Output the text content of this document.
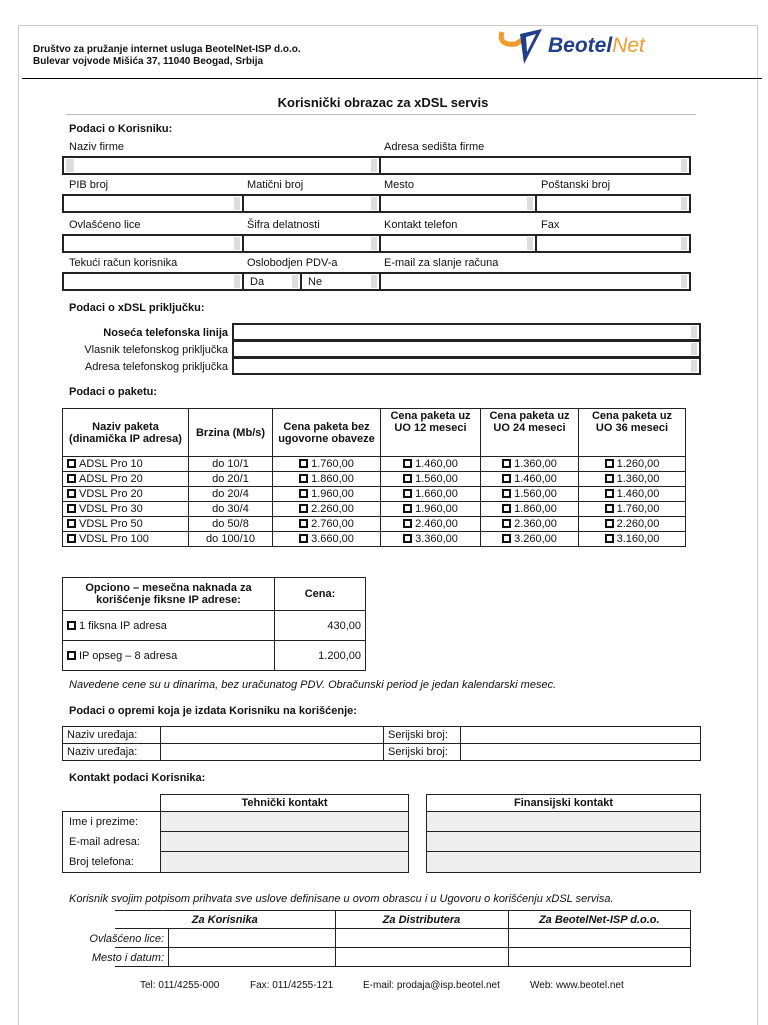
Društvo za pružanje internet usluga BeotelNet-ISP d.o.o.
Bulevar vojvode Mišića 37, 11040 Beogad, Srbija
Beotel Net
Korisnički obrazac za xDSL servis
Podaci o Korisniku:
Naziv firme	Adresa sedišta firme
PIB broj	Matični broj	Mesto	Poštanski broj
Ovlašćeno lice	Šifra delatnosti	Kontakt telefon	Fax
Tekući račun korisnika	Oslobodjen PDV-a	E-mail za slanje računa
Da	Ne
Podaci o xDSL priključku:
Noseća telefonska linija
Vlasnik telefonskog priključka
Adresa telefonskog priključka
Podaci o paketu:
Naziv paketa (dinamička IP adresa)	Brzina (Mb/s)	Cena paketa bez ugovorne obaveze	Cena paketa uz UO 12 meseci	Cena paketa uz UO 24 meseci	Cena paketa uz UO 36 meseci
ADSL Pro 10	do 10/1	1.760,00	1.460,00	1.360,00	1.260,00
ADSL Pro 20	do 20/1	1.860,00	1.560,00	1.460,00	1.360,00
VDSL Pro 20	do 20/4	1.960,00	1.660,00	1.560,00	1.460,00
VDSL Pro 30	do 30/4	2.260,00	1.960,00	1.860,00	1.760,00
VDSL Pro 50	do 50/8	2.760,00	2.460,00	2.360,00	2.260,00
VDSL Pro 100	do 100/10	3.660,00	3.360,00	3.260,00	3.160,00
Opciono – mesečna naknada za korišćenje fiksne IP adrese:	Cena:
1 fiksna IP adresa	430,00
IP opseg – 8 adresa	1.200,00
Navedene cene su u dinarima, bez uračunatog PDV. Obračunski period je jedan kalendarski mesec.
Podaci o opremi koja je izdata Korisniku na korišćenje:
Naziv uređaja:		Serijski broj:	
Naziv uređaja:		Serijski broj:	
Kontakt podaci Korisnika:
Ime i prezime:
E-mail adresa:
Broj telefona:
Tehnički kontakt	Finansijski kontakt

Korisnik svojim potpisom prihvata sve uslove definisane u ovom obrascu i u Ugovoru o korišćenju xDSL servisa.
Ovlašćeno lice:
Mesto i datum:
Za Korisnika	Za Distributera	Za BeotelNet-ISP d.o.o.

Tel: 011/4255-000	Fax: 011/4255-121	E-mail: prodaja@isp.beotel.net	Web: www.beotel.net
